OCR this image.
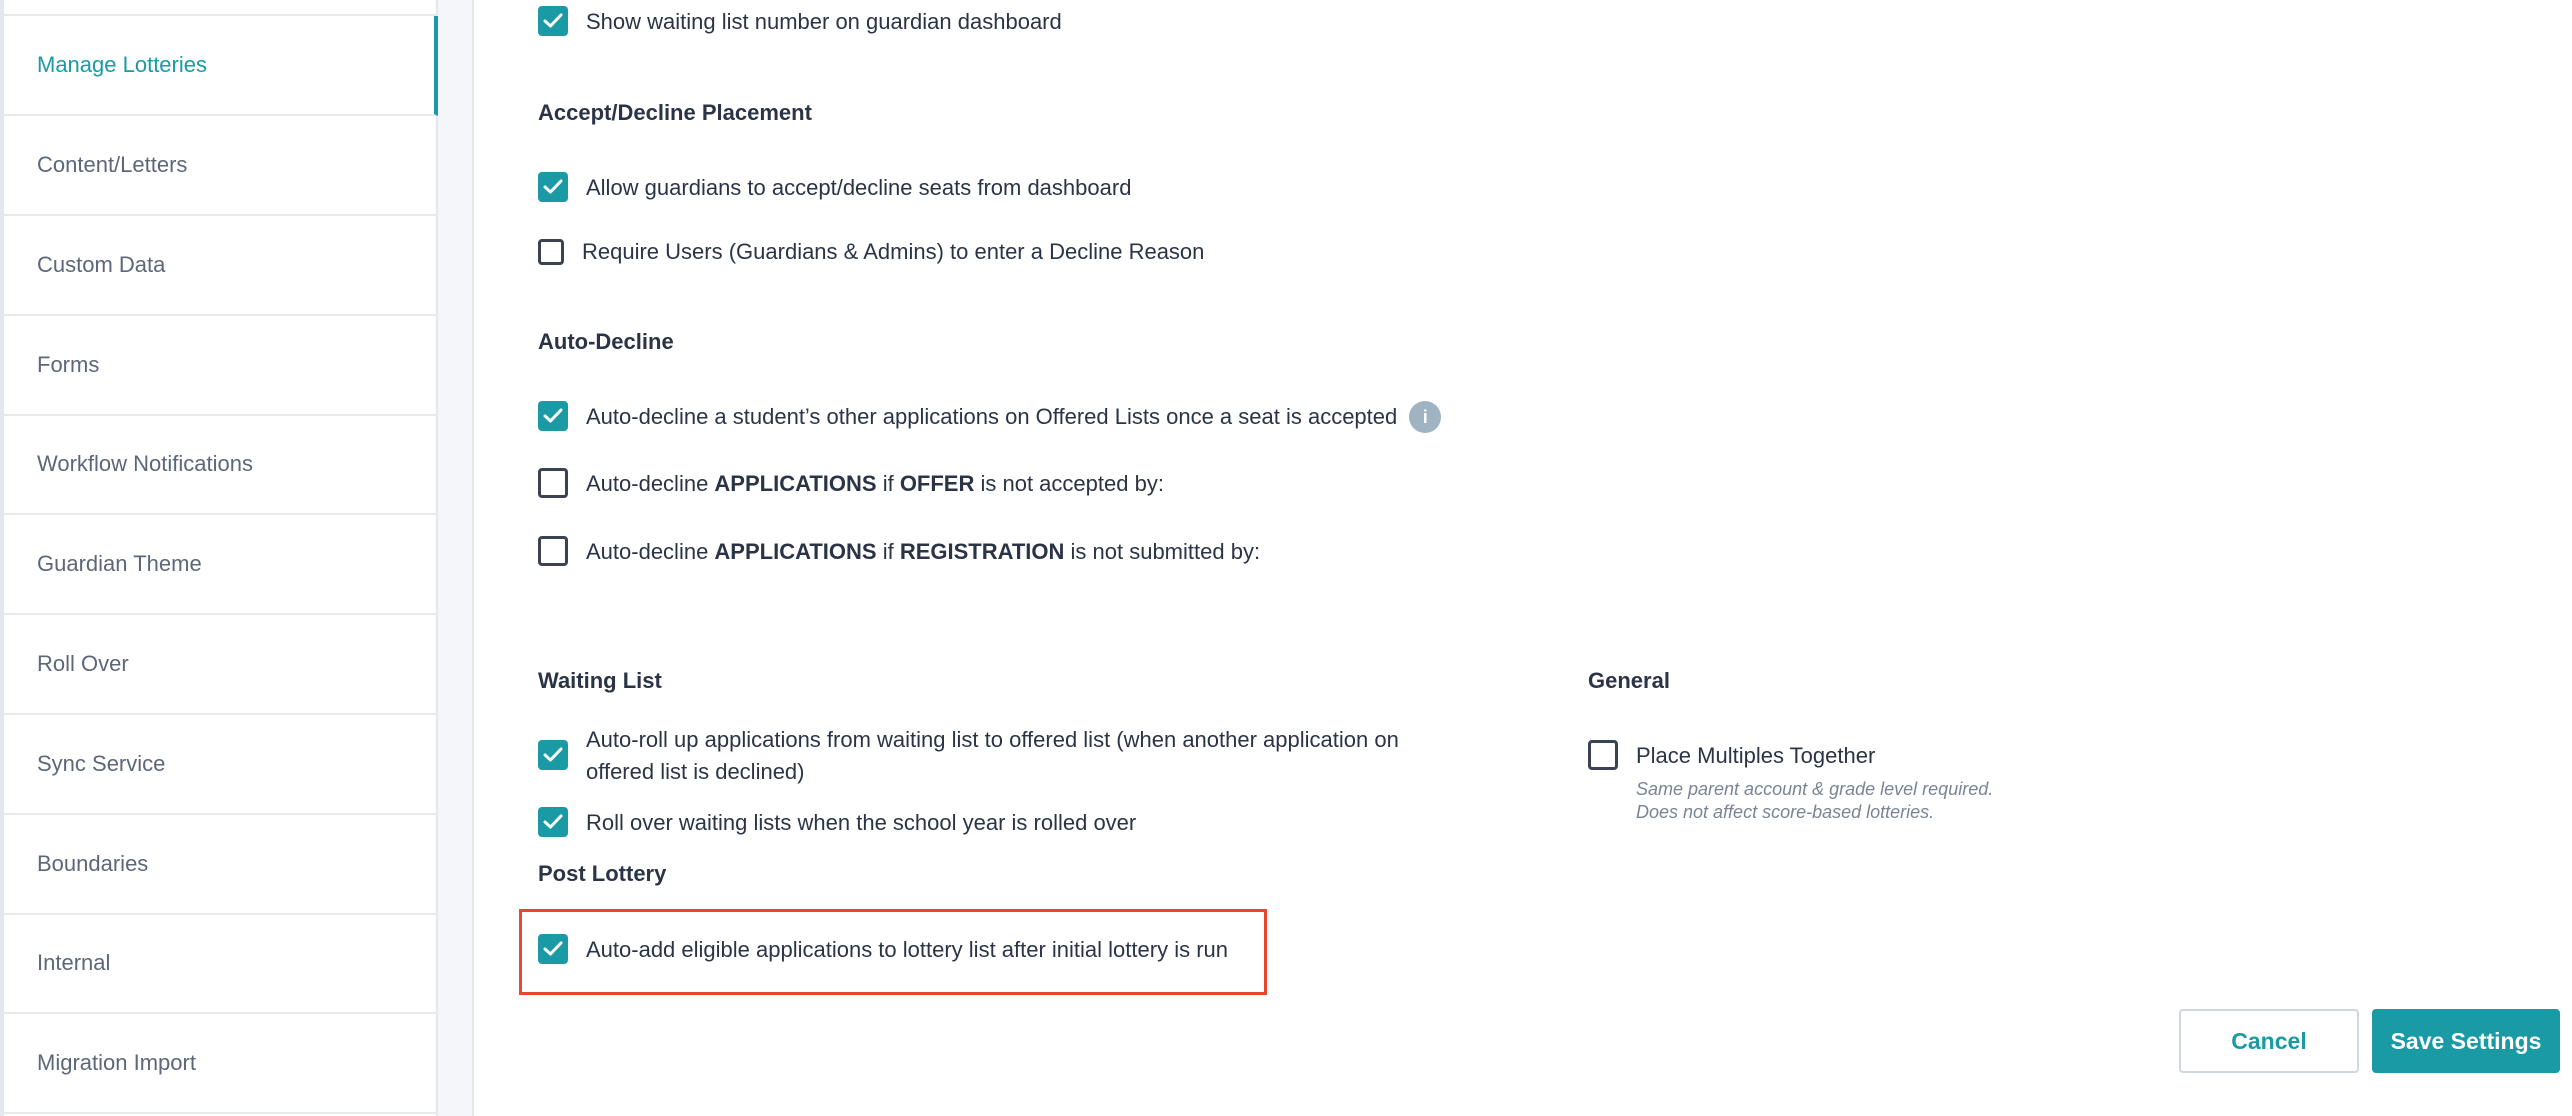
Manage Lotteries
Content/Letters
Custom Data
Forms
Workflow Notifications
Guardian Theme
Roll Over
Sync Service
Boundaries
Internal
Migration Import
Show waiting list number on guardian dashboard
Accept/Decline Placement
Allow guardians to accept/decline seats from dashboard
Require Users (Guardians & Admins) to enter a Decline Reason
Auto-Decline
Auto-decline a student’s other applications on Offered Lists once a seat is accepted	i
Auto-decline APPLICATIONS if OFFER is not accepted by:
Auto-decline APPLICATIONS if REGISTRATION is not submitted by:
Waiting List
Auto-roll up applications from waiting list to offered list (when another application on offered list is declined)
Roll over waiting lists when the school year is rolled over
General
Place Multiples Together
Same parent account & grade level required.
Does not affect score-based lotteries.
Post Lottery
Auto-add eligible applications to lottery list after initial lottery is run
Cancel	Save Settings
